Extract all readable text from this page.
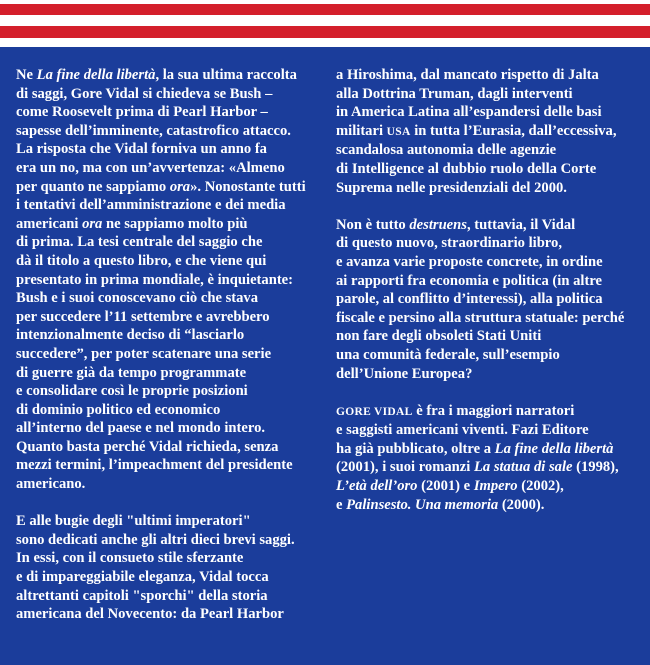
Ne La fine della libertà, la sua ultima raccolta
di saggi, Gore Vidal si chiedeva se Bush –
come Roosevelt prima di Pearl Harbor –
sapesse dell’imminente, catastrofico attacco.
La risposta che Vidal forniva un anno fa
era un no, ma con un’avvertenza: «Almeno
per quanto ne sappiamo ora». Nonostante tutti
i tentativi dell’amministrazione e dei media
americani ora ne sappiamo molto più
di prima. La tesi centrale del saggio che
dà il titolo a questo libro, e che viene qui
presentato in prima mondiale, è inquietante:
Bush e i suoi conoscevano ciò che stava
per succedere l’11 settembre e avrebbero
intenzionalmente deciso di “lasciarlo
succedere”, per poter scatenare una serie
di guerre già da tempo programmate
e consolidare così le proprie posizioni
di dominio politico ed economico
all’interno del paese e nel mondo intero.
Quanto basta perché Vidal richieda, senza
mezzi termini, l’impeachment del presidente
americano.
E alle bugie degli "ultimi imperatori"
sono dedicati anche gli altri dieci brevi saggi.
In essi, con il consueto stile sferzante
e di impareggiabile eleganza, Vidal tocca
altrettanti capitoli "sporchi" della storia
americana del Novecento: da Pearl Harbor
a Hiroshima, dal mancato rispetto di Jalta
alla Dottrina Truman, dagli interventi
in America Latina all’espandersi delle basi
militari USA in tutta l’Eurasia, dall’eccessiva,
scandalosa autonomia delle agenzie
di Intelligence al dubbio ruolo della Corte
Suprema nelle presidenziali del 2000.
Non è tutto destruens, tuttavia, il Vidal
di questo nuovo, straordinario libro,
e avanza varie proposte concrete, in ordine
ai rapporti fra economia e politica (in altre
parole, al conflitto d’interessi), alla politica
fiscale e persino alla struttura statuale: perché
non fare degli obsoleti Stati Uniti
una comunità federale, sull’esempio
dell’Unione Europea?
GORE VIDAL è fra i maggiori narratori
e saggisti americani viventi. Fazi Editore
ha già pubblicato, oltre a La fine della libertà
(2001), i suoi romanzi La statua di sale (1998),
L’età dell’oro (2001) e Impero (2002),
e Palinsesto. Una memoria (2000).
